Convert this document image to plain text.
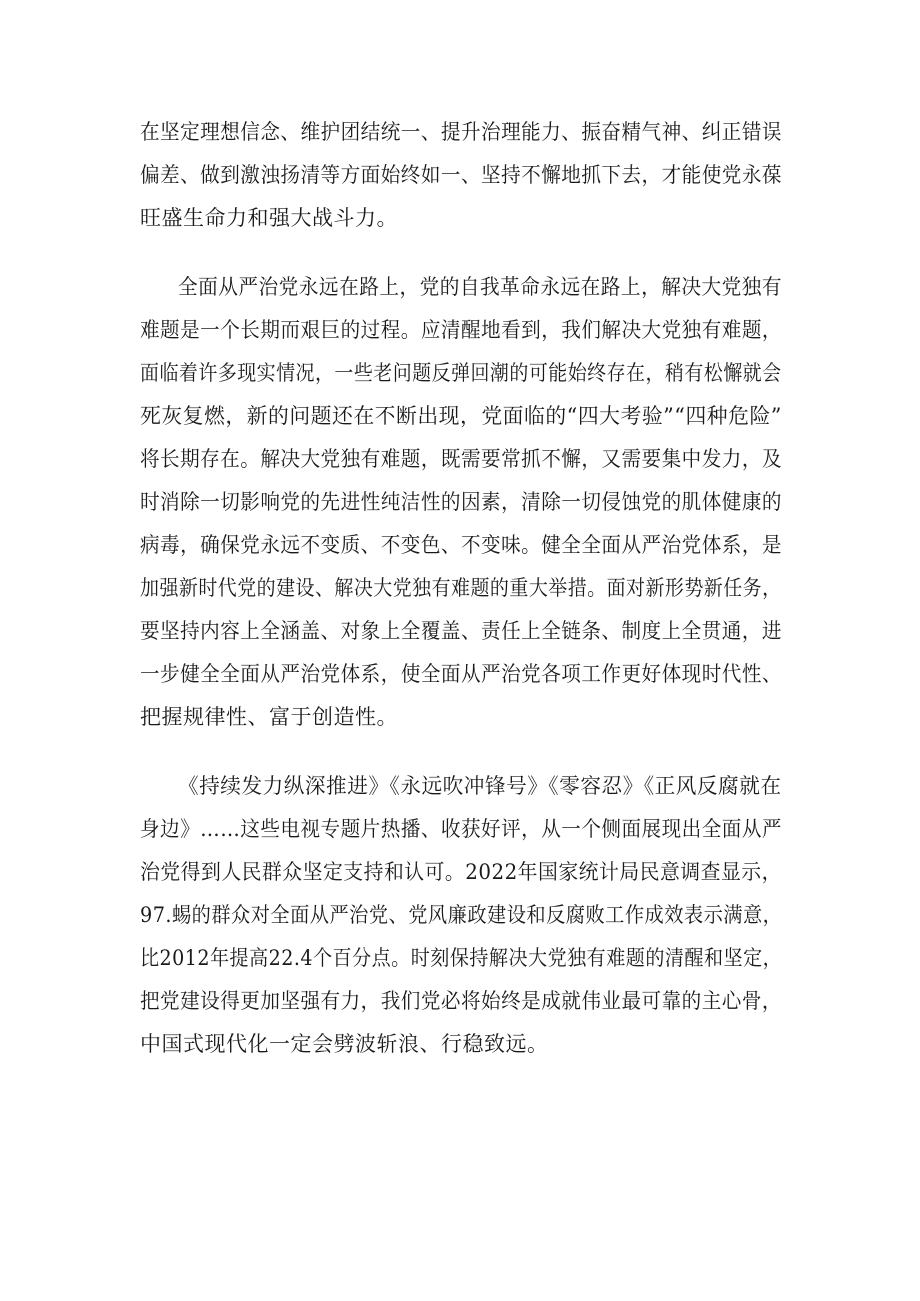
在坚定理想信念、维护团结统一、提升治理能力、振奋精气神、纠正错误
偏差、做到激浊扬清等方面始终如一、坚持不懈地抓下去，才能使党永葆
旺盛生命力和强大战斗力。
全面从严治党永远在路上，党的自我革命永远在路上，解决大党独有
难题是一个长期而艰巨的过程。应清醒地看到，我们解决大党独有难题，
面临着许多现实情况，一些老问题反弹回潮的可能始终存在，稍有松懈就会
死灰复燃，新的问题还在不断出现，党面临的“四大考验”“四种危险”
将长期存在。解决大党独有难题，既需要常抓不懈，又需要集中发力，及
时消除一切影响党的先进性纯洁性的因素，清除一切侵蚀党的肌体健康的
病毒，确保党永远不变质、不变色、不变味。健全全面从严治党体系，是
加强新时代党的建设、解决大党独有难题的重大举措。面对新形势新任务，
要坚持内容上全涵盖、对象上全覆盖、责任上全链条、制度上全贯通，进
一步健全全面从严治党体系，使全面从严治党各项工作更好体现时代性、
把握规律性、富于创造性。
《持续发力纵深推进》《永远吹冲锋号》《零容忍》《正风反腐就在
身边》……这些电视专题片热播、收获好评，从一个侧面展现出全面从严
治党得到人民群众坚定支持和认可。2022年国家统计局民意调查显示，
97.蜴的群众对全面从严治党、党风廉政建设和反腐败工作成效表示满意，
比2012年提高22.4个百分点。时刻保持解决大党独有难题的清醒和坚定，
把党建设得更加坚强有力，我们党必将始终是成就伟业最可靠的主心骨，
中国式现代化一定会劈波斩浪、行稳致远。
